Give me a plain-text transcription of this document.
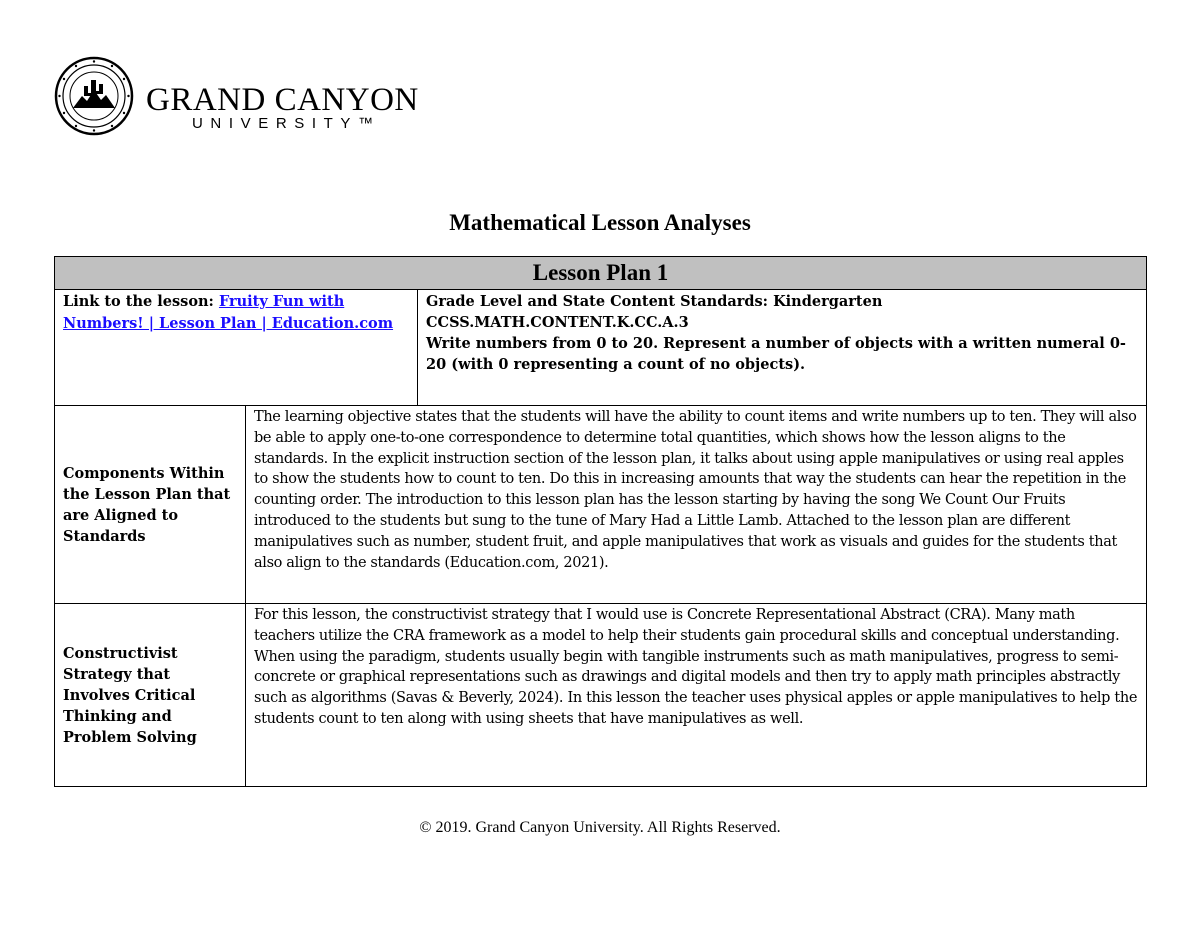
GRAND CANYON
UNIVERSITY™
Mathematical Lesson Analyses
Lesson Plan 1		

Link to the lesson: Fruity Fun with Numbers! | Lesson Plan | Education.com		Grade Level and State Content Standards: Kindergarten
CCSS.MATH.CONTENT.K.CC.A.3
Write numbers from 0 to 20. Represent a number of objects with a written numeral 0-20 (with 0 representing a count of no objects).

Components Within the Lesson Plan that are Aligned to Standards	The learning objective states that the students will have the ability to count items and write numbers up to ten. They will also be able to apply one-to-one correspondence to determine total quantities, which shows how the lesson aligns to the standards. In the explicit instruction section of the lesson plan, it talks about using apple manipulatives or using real apples to show the students how to count to ten. Do this in increasing amounts that way the students can hear the repetition in the counting order. The introduction to this lesson plan has the lesson starting by having the song We Count Our Fruits introduced to the students but sung to the tune of Mary Had a Little Lamb. Attached to the lesson plan are different manipulatives such as number, student fruit, and apple manipulatives that work as visuals and guides for the students that also align to the standards (Education.com, 2021).	

Constructivist Strategy that Involves Critical Thinking and Problem Solving	For this lesson, the constructivist strategy that I would use is Concrete Representational Abstract (CRA). Many math teachers utilize the CRA framework as a model to help their students gain procedural skills and conceptual understanding. When using the paradigm, students usually begin with tangible instruments such as math manipulatives, progress to semi-concrete or graphical representations such as drawings and digital models and then try to apply math principles abstractly such as algorithms (Savas & Beverly, 2024). In this lesson the teacher uses physical apples or apple manipulatives to help the students count to ten along with using sheets that have manipulatives as well.	
© 2019. Grand Canyon University. All Rights Reserved.
